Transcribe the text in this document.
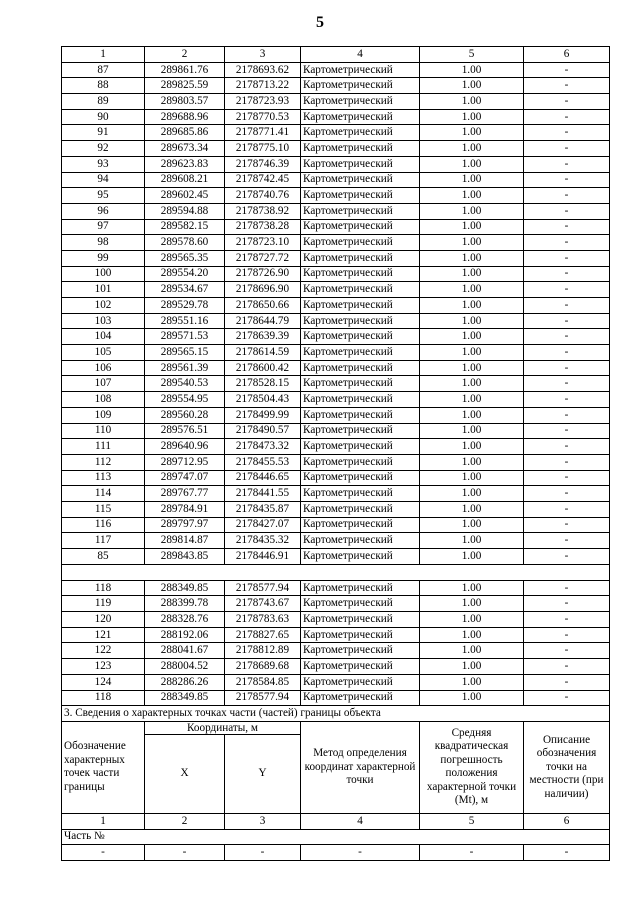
5
1	2	3	4	5	6
87	289861.76	2178693.62	Картометрический	1.00	-
88	289825.59	2178713.22	Картометрический	1.00	-
89	289803.57	2178723.93	Картометрический	1.00	-
90	289688.96	2178770.53	Картометрический	1.00	-
91	289685.86	2178771.41	Картометрический	1.00	-
92	289673.34	2178775.10	Картометрический	1.00	-
93	289623.83	2178746.39	Картометрический	1.00	-
94	289608.21	2178742.45	Картометрический	1.00	-
95	289602.45	2178740.76	Картометрический	1.00	-
96	289594.88	2178738.92	Картометрический	1.00	-
97	289582.15	2178738.28	Картометрический	1.00	-
98	289578.60	2178723.10	Картометрический	1.00	-
99	289565.35	2178727.72	Картометрический	1.00	-
100	289554.20	2178726.90	Картометрический	1.00	-
101	289534.67	2178696.90	Картометрический	1.00	-
102	289529.78	2178650.66	Картометрический	1.00	-
103	289551.16	2178644.79	Картометрический	1.00	-
104	289571.53	2178639.39	Картометрический	1.00	-
105	289565.15	2178614.59	Картометрический	1.00	-
106	289561.39	2178600.42	Картометрический	1.00	-
107	289540.53	2178528.15	Картометрический	1.00	-
108	289554.95	2178504.43	Картометрический	1.00	-
109	289560.28	2178499.99	Картометрический	1.00	-
110	289576.51	2178490.57	Картометрический	1.00	-
111	289640.96	2178473.32	Картометрический	1.00	-
112	289712.95	2178455.53	Картометрический	1.00	-
113	289747.07	2178446.65	Картометрический	1.00	-
114	289767.77	2178441.55	Картометрический	1.00	-
115	289784.91	2178435.87	Картометрический	1.00	-
116	289797.97	2178427.07	Картометрический	1.00	-
117	289814.87	2178435.32	Картометрический	1.00	-
85	289843.85	2178446.91	Картометрический	1.00	-

118	288349.85	2178577.94	Картометрический	1.00	-
119	288399.78	2178743.67	Картометрический	1.00	-
120	288328.76	2178783.63	Картометрический	1.00	-
121	288192.06	2178827.65	Картометрический	1.00	-
122	288041.67	2178812.89	Картометрический	1.00	-
123	288004.52	2178689.68	Картометрический	1.00	-
124	288286.26	2178584.85	Картометрический	1.00	-
118	288349.85	2178577.94	Картометрический	1.00	-
3. Сведения о характерных точках части (частей) границы объекта					
Обозначение характерных точек части границы	Координаты, м		Метод определения координат характерной точки	Средняя квадратическая погрешность положения характерной точки (Mt), м	Описание обозначения точки на местности (при наличии)
	X	Y			
1	2	3	4	5	6
Часть №					
-	-	-	-	-	-
